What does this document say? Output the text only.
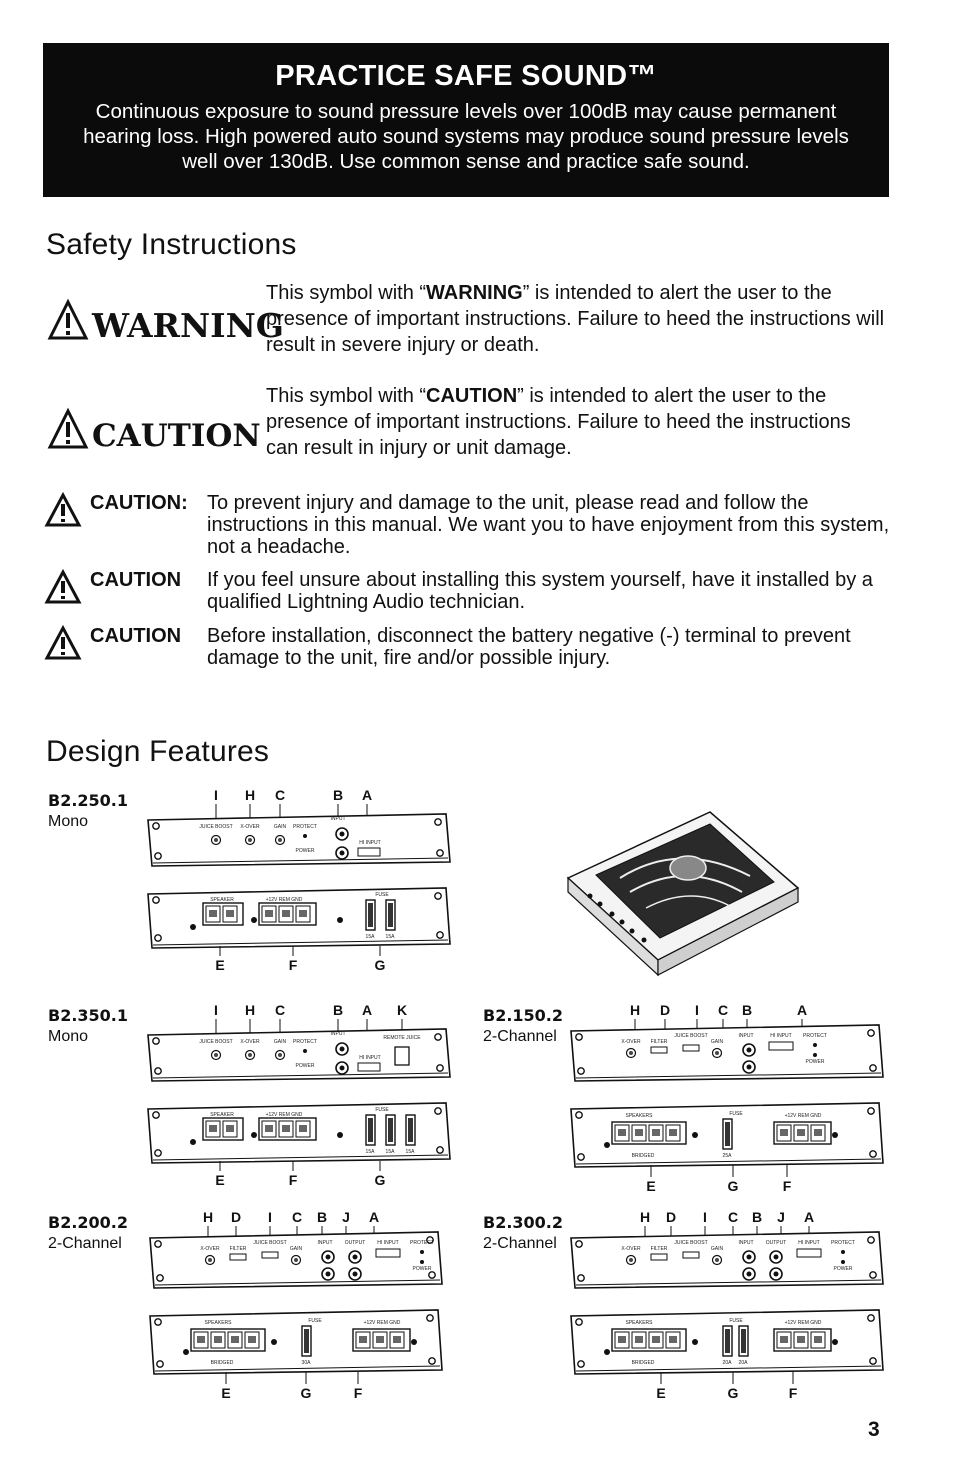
PRACTICE SAFE SOUND™

Continuous exposure to sound pressure levels over 100dB may cause permanent hearing loss. High powered auto sound systems may produce sound pressure levels well over 130dB. Use common sense and practice safe sound.

Safety Instructions
WARNING
This symbol with “WARNING” is intended to alert the user to the presence of important instructions. Failure to heed the instructions will result in severe injury or death.
CAUTION
This symbol with “CAUTION” is intended to alert the user to the presence of important instructions. Failure to heed the instructions can result in injury or unit damage.
CAUTION: To prevent injury and damage to the unit, please read and follow the instructions in this manual. We want you to have enjoyment from this system, not a headache.
CAUTION If you feel unsure about installing this system yourself, have it installed by a qualified Lightning Audio technician.
CAUTION Before installation, disconnect the battery negative (-) terminal to prevent damage to the unit, fire and/or possible injury.
Design Features
B2.250.1
Mono
I H C	B A
JUICE BOOST X-OVER	GAIN PROTECT
POWER
INPUT
HI INPUT
SPEAKER	+12V REM GND
FUSE
15A 15A
E	F	G
B2.350.1
Mono
I H C	B A K
JUICE BOOST X-OVER	GAIN PROTECT
POWER
INPUT
HI INPUT
REMOTE JUICE
SPEAKER	+12V REM GND
FUSE
15A 15A 15A
E	F	G
B2.150.2
2-Channel
H D I C B	A
X-OVER FILTER
JUICE BOOST
GAIN
INPUT	HI INPUT PROTECT
POWER
SPEAKERS
BRIDGED
FUSE
25A
+12V REM GND
E	G	F
B2.200.2
2-Channel
H D I C B J A
X-OVER FILTER
JUICE BOOST
GAIN
INPUT OUTPUT HI INPUT PROTECT
POWER
SPEAKERS
BRIDGED
FUSE
30A
+12V REM GND
E	G	F
B2.300.2
2-Channel
H D I C B J A
X-OVER FILTER
JUICE BOOST
GAIN
INPUT OUTPUT HI INPUT PROTECT
POWER
SPEAKERS
BRIDGED
FUSE
20A 20A
+12V REM GND
E	G	F
3
